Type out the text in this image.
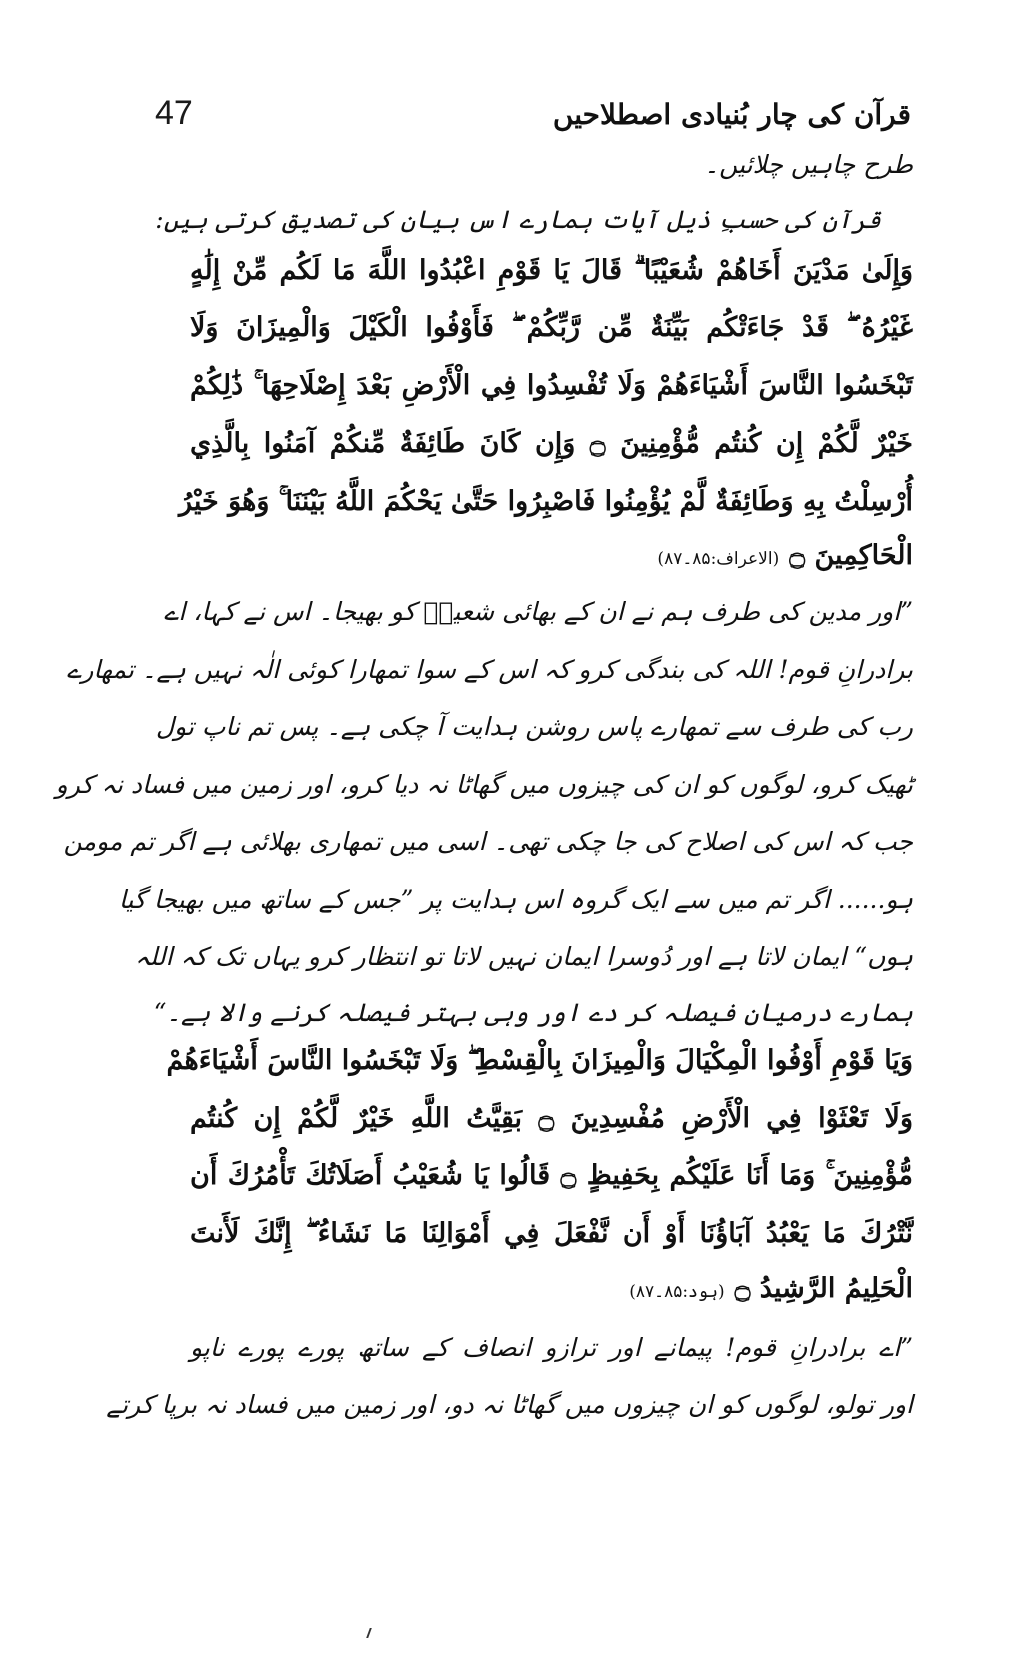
47	قرآن کی چار بُنیادی اصطلاحیں
طرح چاہیں چلائیں۔
قرآن کی حسبِ ذیل آیات ہمارے اس بیان کی تصدیق کرتی ہیں:
وَإِلَىٰ مَدْيَنَ أَخَاهُمْ شُعَيْبًا ۗ قَالَ يَا قَوْمِ اعْبُدُوا اللَّهَ مَا لَكُم مِّنْ إِلَٰهٍ
غَيْرُهُ ۖ قَدْ جَاءَتْكُم بَيِّنَةٌ مِّن رَّبِّكُمْ ۖ فَأَوْفُوا الْكَيْلَ وَالْمِيزَانَ وَلَا
تَبْخَسُوا النَّاسَ أَشْيَاءَهُمْ وَلَا تُفْسِدُوا فِي الْأَرْضِ بَعْدَ إِصْلَاحِهَا ۚ ذَٰلِكُمْ
خَيْرٌ لَّكُمْ إِن كُنتُم مُّؤْمِنِينَ ۝ وَإِن كَانَ طَائِفَةٌ مِّنكُمْ آمَنُوا بِالَّذِي
أُرْسِلْتُ بِهِ وَطَائِفَةٌ لَّمْ يُؤْمِنُوا فَاصْبِرُوا حَتَّىٰ يَحْكُمَ اللَّهُ بَيْنَنَا ۚ وَهُوَ خَيْرُ
الْحَاكِمِينَ ۝(الاعراف:۸۵۔۸۷)
”اور مدین کی طرف ہم نے ان کے بھائی شعیبؑ کو بھیجا۔ اس نے کہا، اے
برادرانِ قوم! اللہ کی بندگی کرو کہ اس کے سوا تمھارا کوئی الٰہ نہیں ہے۔ تمھارے
رب کی طرف سے تمھارے پاس روشن ہدایت آ چکی ہے۔ پس تم ناپ تول
ٹھیک کرو، لوگوں کو ان کی چیزوں میں گھاٹا نہ دیا کرو، اور زمین میں فساد نہ کرو
جب کہ اس کی اصلاح کی جا چکی تھی۔ اسی میں تمھاری بھلائی ہے اگر تم مومن
ہو...... اگر تم میں سے ایک گروہ اس ہدایت پر ”جس کے ساتھ میں بھیجا گیا
ہوں“ ایمان لاتا ہے اور دُوسرا ایمان نہیں لاتا تو انتظار کرو یہاں تک کہ اللہ
ہمارے درمیان فیصلہ کر دے اور وہی بہتر فیصلہ کرنے والا ہے۔“
وَيَا قَوْمِ أَوْفُوا الْمِكْيَالَ وَالْمِيزَانَ بِالْقِسْطِ ۖ وَلَا تَبْخَسُوا النَّاسَ أَشْيَاءَهُمْ
وَلَا تَعْثَوْا فِي الْأَرْضِ مُفْسِدِينَ ۝ بَقِيَّتُ اللَّهِ خَيْرٌ لَّكُمْ إِن كُنتُم
مُّؤْمِنِينَ ۚ وَمَا أَنَا عَلَيْكُم بِحَفِيظٍ ۝ قَالُوا يَا شُعَيْبُ أَصَلَاتُكَ تَأْمُرُكَ أَن
نَّتْرُكَ مَا يَعْبُدُ آبَاؤُنَا أَوْ أَن نَّفْعَلَ فِي أَمْوَالِنَا مَا نَشَاءُ ۖ إِنَّكَ لَأَنتَ
الْحَلِيمُ الرَّشِيدُ ۝(ہود:۸۵۔۸۷)
”اے برادرانِ قوم! پیمانے اور ترازو انصاف کے ساتھ پورے پورے ناپو
اور تولو، لوگوں کو ان چیزوں میں گھاٹا نہ دو، اور زمین میں فساد نہ برپا کرتے
